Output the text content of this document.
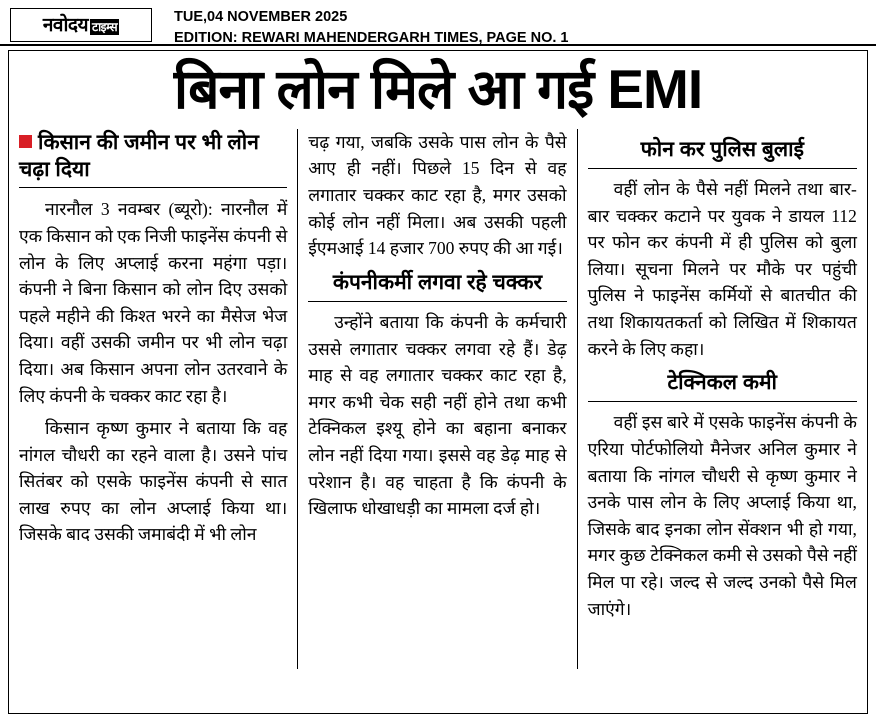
नवोदय टाइम्स
TUE,04 NOVEMBER 2025
EDITION: REWARI MAHENDERGARH TIMES, PAGE NO. 1
बिना लोन मिले आ गई EMI
किसान की जमीन पर भी लोन चढ़ा दिया

नारनौल 3 नवम्बर (ब्यूरो): नारनौल में एक किसान को एक निजी फाइनेंस कंपनी से लोन के लिए अप्लाई करना महंगा पड़ा। कंपनी ने बिना किसान को लोन दिए उसको पहले महीने की किश्त भरने का मैसेज भेज दिया। वहीं उसकी जमीन पर भी लोन चढ़ा दिया। अब किसान अपना लोन उतरवाने के लिए कंपनी के चक्कर काट रहा है।

किसान कृष्ण कुमार ने बताया कि वह नांगल चौधरी का रहने वाला है। उसने पांच सितंबर को एसके फाइनेंस कंपनी से सात लाख रुपए का लोन अप्लाई किया था। जिसके बाद उसकी जमाबंदी में भी लोन

चढ़ गया, जबकि उसके पास लोन के पैसे आए ही नहीं। पिछले 15 दिन से वह लगातार चक्कर काट रहा है, मगर उसको कोई लोन नहीं मिला। अब उसकी पहली ईएमआई 14 हजार 700 रुपए की आ गई।

कंपनीकर्मी लगवा रहे चक्कर

उन्होंने बताया कि कंपनी के कर्मचारी उससे लगातार चक्कर लगवा रहे हैं। डेढ़ माह से वह लगातार चक्कर काट रहा है, मगर कभी चेक सही नहीं होने तथा कभी टेक्निकल इश्यू होने का बहाना बनाकर लोन नहीं दिया गया। इससे वह डेढ़ माह से परेशान है। वह चाहता है कि कंपनी के खिलाफ धोखाधड़ी का मामला दर्ज हो।

फोन कर पुलिस बुलाई

वहीं लोन के पैसे नहीं मिलने तथा बार-बार चक्कर कटाने पर युवक ने डायल 112 पर फोन कर कंपनी में ही पुलिस को बुला लिया। सूचना मिलने पर मौके पर पहुंची पुलिस ने फाइनेंस कर्मियों से बातचीत की तथा शिकायतकर्ता को लिखित में शिकायत करने के लिए कहा।

टेक्निकल कमी

वहीं इस बारे में एसके फाइनेंस कंपनी के एरिया पोर्टफोलियो मैनेजर अनिल कुमार ने बताया कि नांगल चौधरी से कृष्ण कुमार ने उनके पास लोन के लिए अप्लाई किया था, जिसके बाद इनका लोन सेंक्शन भी हो गया, मगर कुछ टेक्निकल कमी से उसको पैसे नहीं मिल पा रहे। जल्द से जल्द उनको पैसे मिल जाएंगे।
